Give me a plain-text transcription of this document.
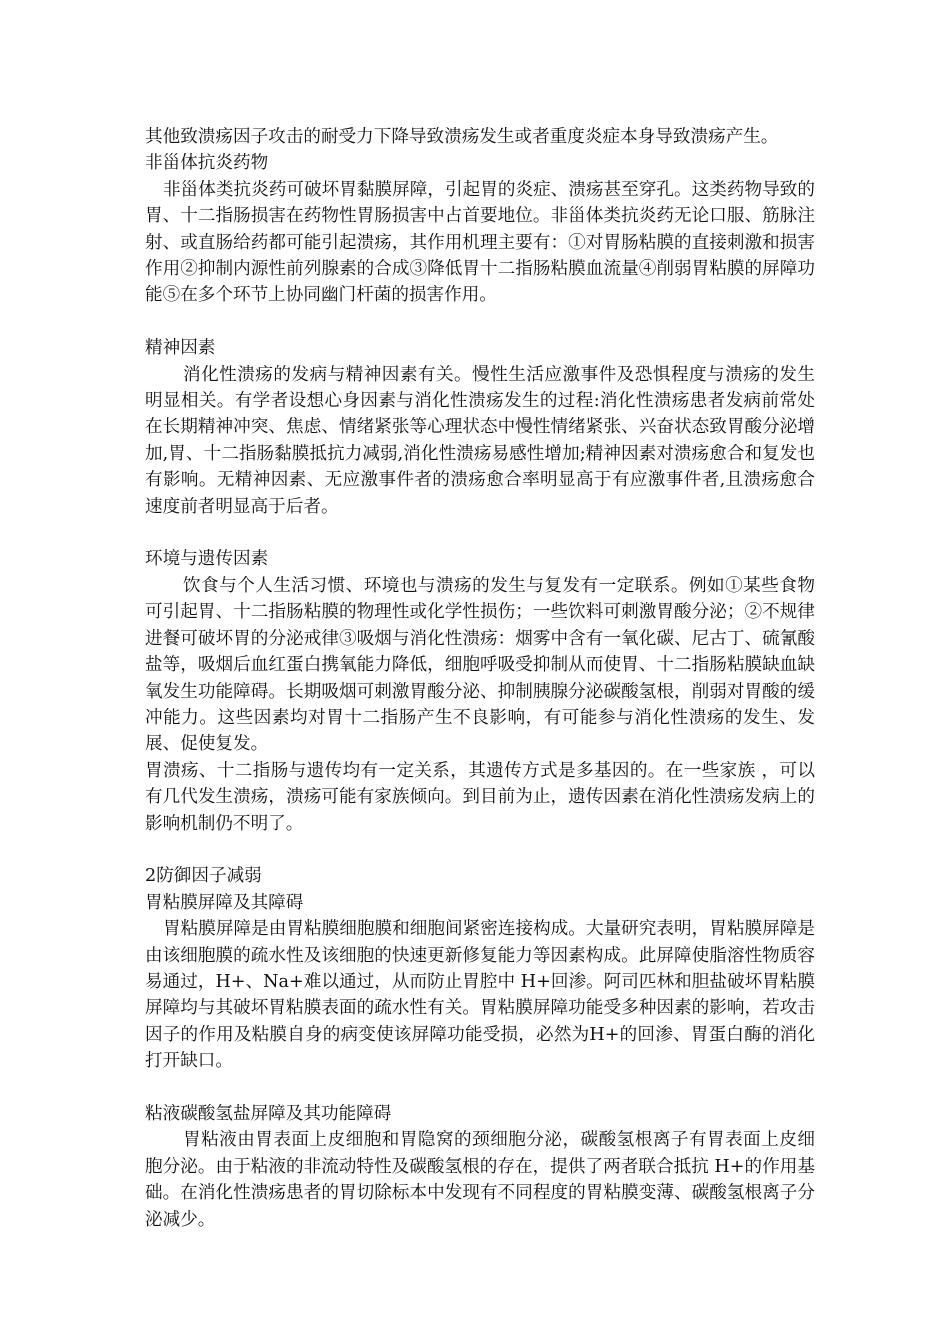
其他致溃疡因子攻击的耐受力下降导致溃疡发生或者重度炎症本身导致溃疡产生。

非甾体抗炎药物

非甾体类抗炎药可破坏胃黏膜屏障，引起胃的炎症、溃疡甚至穿孔。这类药物导致的胃、十二指肠损害在药物性胃肠损害中占首要地位。非甾体类抗炎药无论口服、筋脉注射、或直肠给药都可能引起溃疡，其作用机理主要有：①对胃肠粘膜的直接刺激和损害作用②抑制内源性前列腺素的合成③降低胃十二指肠粘膜血流量④削弱胃粘膜的屏障功能⑤在多个环节上协同幽门杆菌的损害作用。

精神因素

消化性溃疡的发病与精神因素有关。慢性生活应激事件及恐惧程度与溃疡的发生明显相关。有学者设想心身因素与消化性溃疡发生的过程:消化性溃疡患者发病前常处在长期精神冲突、焦虑、情绪紧张等心理状态中慢性情绪紧张、兴奋状态致胃酸分泌增加,胃、十二指肠黏膜抵抗力减弱,消化性溃疡易感性增加;精神因素对溃疡愈合和复发也有影响。无精神因素、无应激事件者的溃疡愈合率明显高于有应激事件者,且溃疡愈合速度前者明显高于后者。

环境与遗传因素

饮食与个人生活习惯、环境也与溃疡的发生与复发有一定联系。例如①某些食物可引起胃、十二指肠粘膜的物理性或化学性损伤；一些饮料可刺激胃酸分泌；②不规律进餐可破坏胃的分泌戒律③吸烟与消化性溃疡：烟雾中含有一氧化碳、尼古丁、硫氰酸盐等，吸烟后血红蛋白携氧能力降低，细胞呼吸受抑制从而使胃、十二指肠粘膜缺血缺氧发生功能障碍。长期吸烟可刺激胃酸分泌、抑制胰腺分泌碳酸氢根，削弱对胃酸的缓冲能力。这些因素均对胃十二指肠产生不良影响，有可能参与消化性溃疡的发生、发展、促使复发。

胃溃疡、十二指肠与遗传均有一定关系，其遗传方式是多基因的。在一些家族 ，可以有几代发生溃疡，溃疡可能有家族倾向。到目前为止，遗传因素在消化性溃疡发病上的影响机制仍不明了。

2防御因子减弱
胃粘膜屏障及其障碍

胃粘膜屏障是由胃粘膜细胞膜和细胞间紧密连接构成。大量研究表明，胃粘膜屏障是由该细胞膜的疏水性及该细胞的快速更新修复能力等因素构成。此屏障使脂溶性物质容易通过，H+、Na+难以通过，从而防止胃腔中 H+回渗。阿司匹林和胆盐破坏胃粘膜屏障均与其破坏胃粘膜表面的疏水性有关。胃粘膜屏障功能受多种因素的影响，若攻击因子的作用及粘膜自身的病变使该屏障功能受损，必然为H+的回渗、胃蛋白酶的消化打开缺口。

粘液碳酸氢盐屏障及其功能障碍

胃粘液由胃表面上皮细胞和胃隐窝的颈细胞分泌，碳酸氢根离子有胃表面上皮细胞分泌。由于粘液的非流动特性及碳酸氢根的存在，提供了两者联合抵抗 H+的作用基础。在消化性溃疡患者的胃切除标本中发现有不同程度的胃粘膜变薄、碳酸氢根离子分泌减少。
